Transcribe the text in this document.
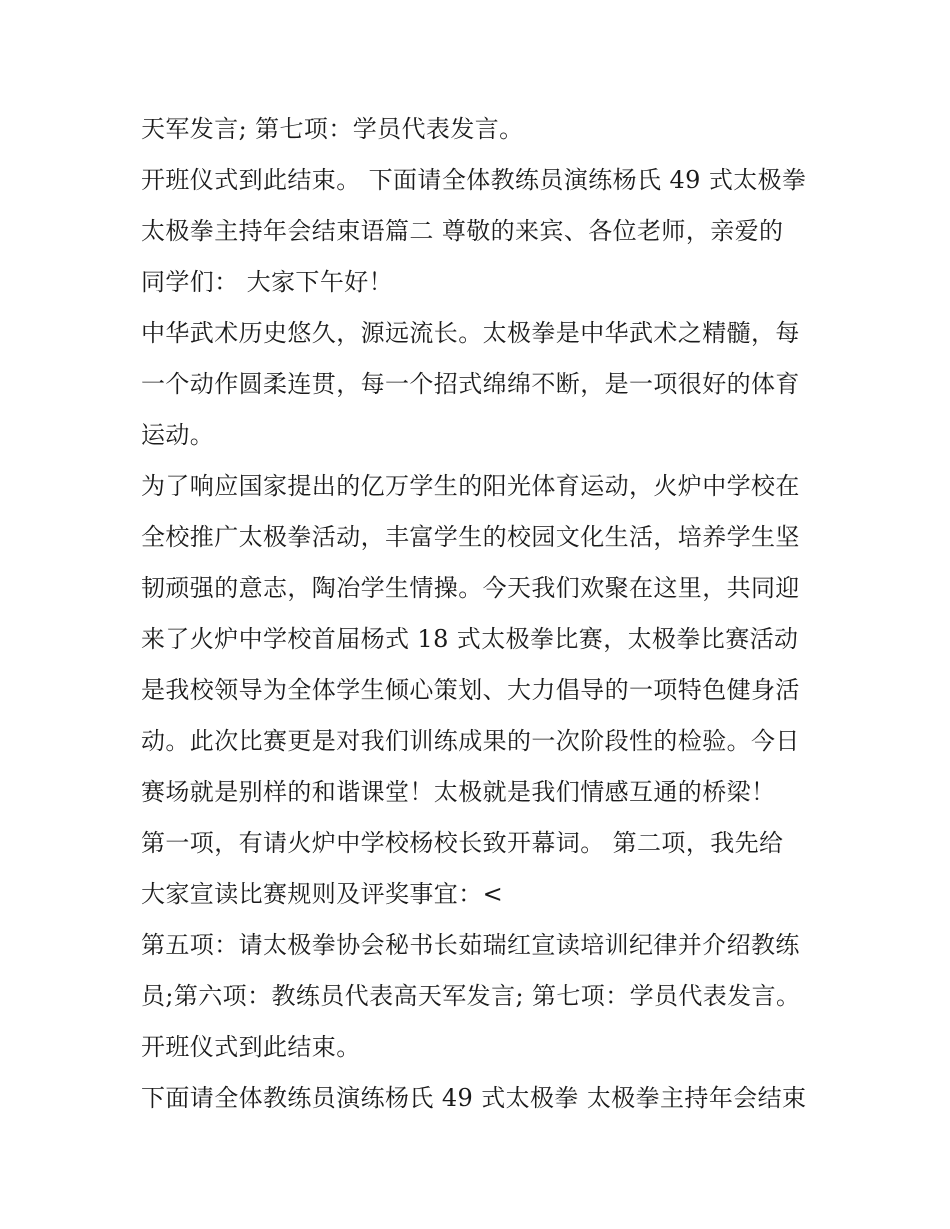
天军发言; 第七项：学员代表发言。
开班仪式到此结束。 下面请全体教练员演练杨氏 49 式太极拳
太极拳主持年会结束语篇二 尊敬的来宾、各位老师，亲爱的
同学们： 大家下午好！
中华武术历史悠久，源远流长。太极拳是中华武术之精髓，每
一个动作圆柔连贯，每一个招式绵绵不断，是一项很好的体育
运动。
为了响应国家提出的亿万学生的阳光体育运动，火炉中学校在
全校推广太极拳活动，丰富学生的校园文化生活，培养学生坚
韧顽强的意志，陶冶学生情操。今天我们欢聚在这里，共同迎
来了火炉中学校首届杨式 18 式太极拳比赛，太极拳比赛活动
是我校领导为全体学生倾心策划、大力倡导的一项特色健身活
动。此次比赛更是对我们训练成果的一次阶段性的检验。今日
赛场就是别样的和谐课堂！太极就是我们情感互通的桥梁！
第一项，有请火炉中学校杨校长致开幕词。 第二项，我先给
大家宣读比赛规则及评奖事宜：<
第五项：请太极拳协会秘书长茹瑞红宣读培训纪律并介绍教练
员;第六项：教练员代表高天军发言; 第七项：学员代表发言。
开班仪式到此结束。
下面请全体教练员演练杨氏 49 式太极拳 太极拳主持年会结束
